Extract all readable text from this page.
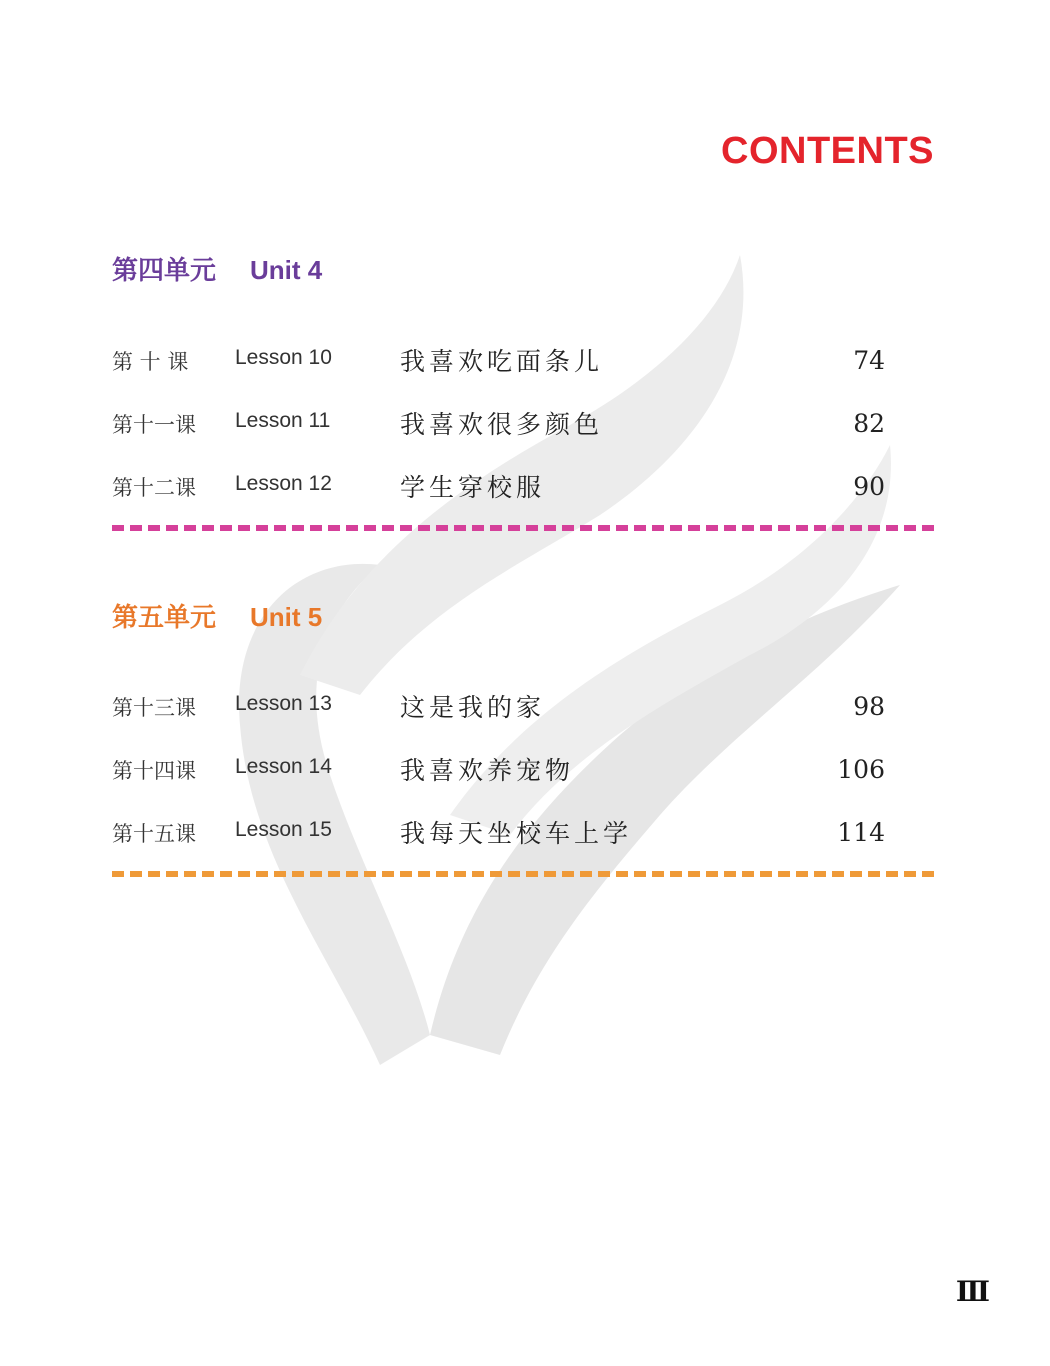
CONTENTS
第四单元 Unit 4
第 十 课 Lesson 10	我喜欢吃面条儿	74
第十一课 Lesson 11	我喜欢很多颜色	82
第十二课 Lesson 12	学生穿校服	90
第五单元 Unit 5
第十三课 Lesson 13	这是我的家	98
第十四课 Lesson 14	我喜欢养宠物	106
第十五课 Lesson 15	我每天坐校车上学	114
Ⅲ
